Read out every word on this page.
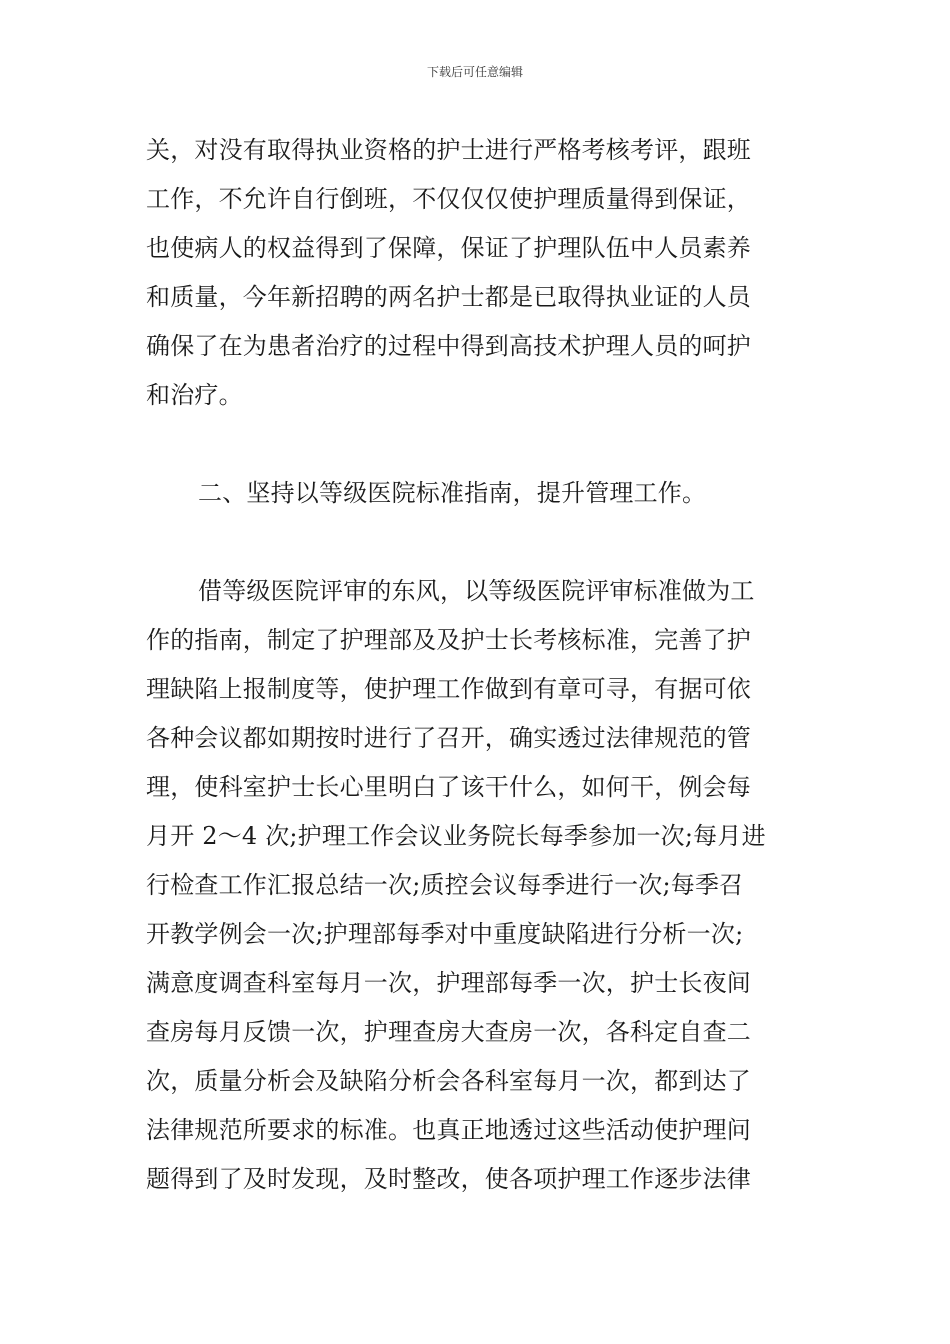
下载后可任意编辑
关，对没有取得执业资格的护士进行严格考核考评，跟班
工作，不允许自行倒班，不仅仅仅使护理质量得到保证，
也使病人的权益得到了保障，保证了护理队伍中人员素养
和质量，今年新招聘的两名护士都是已取得执业证的人员
确保了在为患者治疗的过程中得到高技术护理人员的呵护
和治疗。
二、坚持以等级医院标准指南，提升管理工作。
借等级医院评审的东风，以等级医院评审标准做为工
作的指南，制定了护理部及及护士长考核标准，完善了护
理缺陷上报制度等，使护理工作做到有章可寻，有据可依
各种会议都如期按时进行了召开，确实透过法律规范的管
理，使科室护士长心里明白了该干什么，如何干，例会每
月开 2～4 次;护理工作会议业务院长每季参加一次;每月进
行检查工作汇报总结一次;质控会议每季进行一次;每季召
开教学例会一次;护理部每季对中重度缺陷进行分析一次;
满意度调查科室每月一次，护理部每季一次，护士长夜间
查房每月反馈一次，护理查房大查房一次，各科定自查二
次，质量分析会及缺陷分析会各科室每月一次，都到达了
法律规范所要求的标准。也真正地透过这些活动使护理问
题得到了及时发现，及时整改，使各项护理工作逐步法律
